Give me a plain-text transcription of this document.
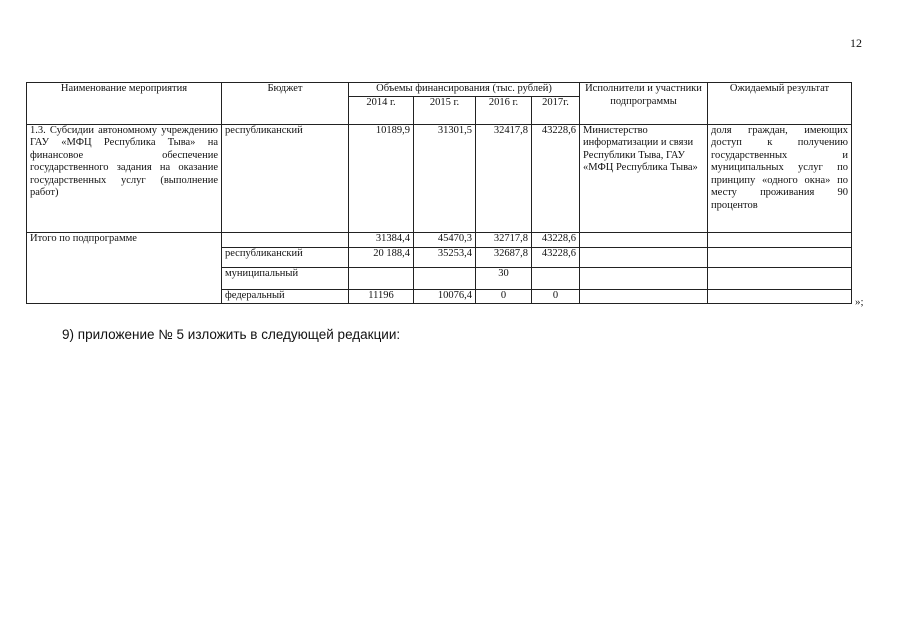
12
Наименование мероприятия	Бюджет	Объемы финансирования (тыс. рублей)				Исполнители и участники подпрограммы	Ожидаемый результат
		2014 г.	2015 г.	2016 г.	2017г.		
1.3. Субсидии автономному учреждению ГАУ «МФЦ Республика Тыва» на финансовое обеспечение государственного задания на оказание государственных услуг (выполнение работ)	республиканский	10189,9	31301,5	32417,8	43228,6	Министерство информатизации и связи Республики Тыва, ГАУ «МФЦ Республика Тыва»	доля граждан, имеющих доступ к получению государственных и муниципальных услуг по принципу «одного окна» по месту проживания 90 процентов
Итого по подпрограмме		31384,4	45470,3	32717,8	43228,6		
	республиканский	20 188,4	35253,4	32687,8	43228,6		
	муниципальный			30			
	федеральный	11196	10076,4	0	0		
»;
9) приложение № 5 изложить в следующей редакции:
